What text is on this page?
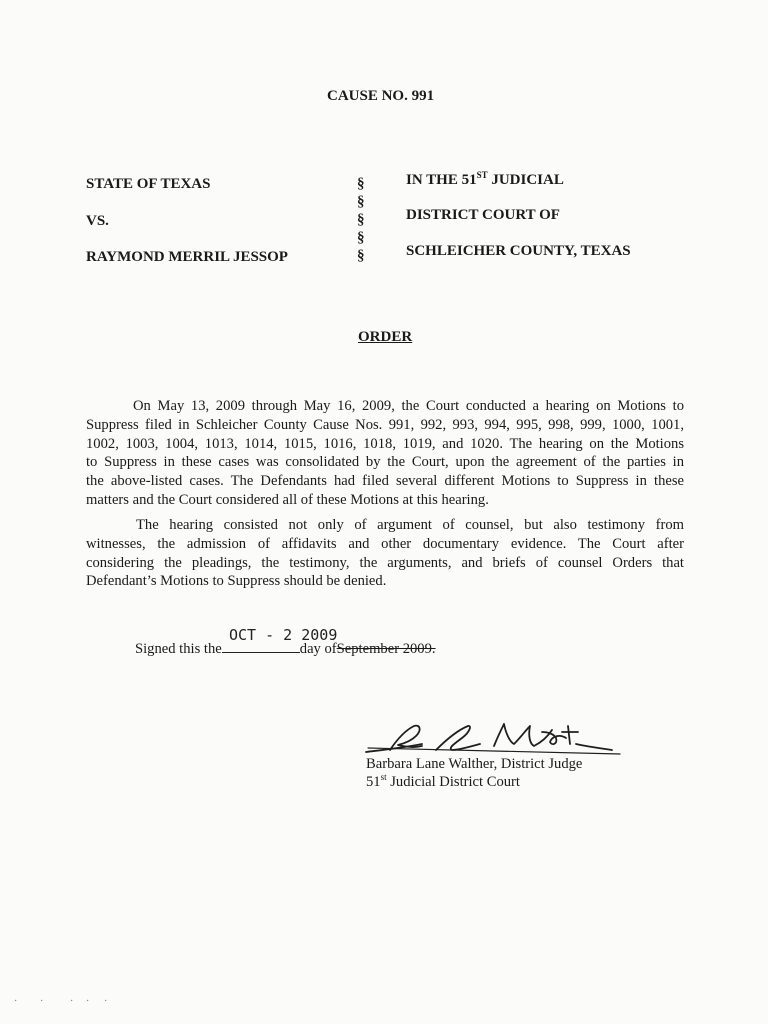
CAUSE NO. 991
STATE OF TEXAS
VS.
RAYMOND MERRIL JESSOP
§
§
§
§
§
IN THE 51ST JUDICIAL
DISTRICT COURT OF
SCHLEICHER COUNTY, TEXAS
ORDER
On May 13, 2009 through May 16, 2009, the Court conducted a hearing on Motions to
Suppress filed in Schleicher County Cause Nos. 991, 992, 993, 994, 995, 998, 999, 1000, 1001,
1002, 1003, 1004, 1013, 1014, 1015, 1016, 1018, 1019, and 1020. The hearing on the Motions
to Suppress in these cases was consolidated by the Court, upon the agreement of the parties in
the above-listed cases. The Defendants had filed several different Motions to Suppress in these
matters and the Court considered all of these Motions at this hearing.
The hearing consisted not only of argument of counsel, but also testimony from
witnesses, the admission of affidavits and other documentary evidence. The Court after
considering the pleadings, the testimony, the arguments, and briefs of counsel Orders that
Defendant’s Motions to Suppress should be denied.
Signed this the	day ofSeptember 2009.
OCT - 2 2009
Barbara Lane Walther, District Judge
51st Judicial District Court
· ·	· · ·
